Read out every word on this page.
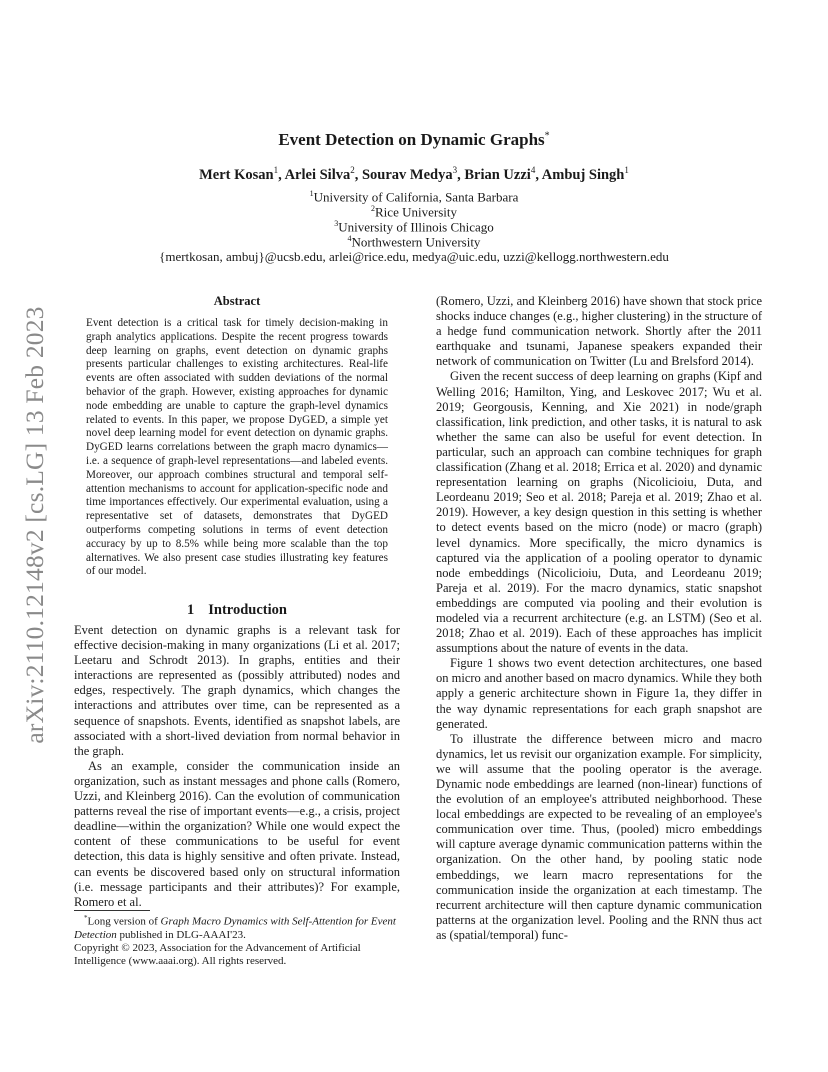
arXiv:2110.12148v2 [cs.LG] 13 Feb 2023
Event Detection on Dynamic Graphs*
Mert Kosan$^1$, Arlei Silva$^2$, Sourav Medya$^3$, Brian Uzzi$^4$, Ambuj Singh$^1$
$^1$University of California, Santa Barbara
$^2$Rice University
$^3$University of Illinois Chicago
$^4$Northwestern University
{mertkosan, ambuj}@ucsb.edu, arlei@rice.edu, medya@uic.edu, uzzi@kellogg.northwestern.edu
Abstract
Event detection is a critical task for timely decision-making in graph analytics applications. Despite the recent progress towards deep learning on graphs, event detection on dynamic graphs presents particular challenges to existing architectures. Real-life events are often associated with sudden deviations of the normal behavior of the graph. However, existing approaches for dynamic node embedding are unable to capture the graph-level dynamics related to events. In this paper, we propose DyGED, a simple yet novel deep learning model for event detection on dynamic graphs. DyGED learns correlations between the graph macro dynamics—i.e. a sequence of graph-level representations—and labeled events. Moreover, our approach combines structural and temporal self-attention mechanisms to account for application-specific node and time importances effectively. Our experimental evaluation, using a representative set of datasets, demonstrates that DyGED outperforms competing solutions in terms of event detection accuracy by up to 8.5% while being more scalable than the top alternatives. We also present case studies illustrating key features of our model.
1 Introduction

Event detection on dynamic graphs is a relevant task for effective decision-making in many organizations (Li et al. 2017; Leetaru and Schrodt 2013). In graphs, entities and their interactions are represented as (possibly attributed) nodes and edges, respectively. The graph dynamics, which changes the interactions and attributes over time, can be represented as a sequence of snapshots. Events, identified as snapshot labels, are associated with a short-lived deviation from normal behavior in the graph.

As an example, consider the communication inside an organization, such as instant messages and phone calls (Romero, Uzzi, and Kleinberg 2016). Can the evolution of communication patterns reveal the rise of important events—e.g., a crisis, project deadline—within the organization? While one would expect the content of these communications to be useful for event detection, this data is highly sensitive and often private. Instead, can events be discovered based only on structural information (i.e. message participants and their attributes)? For example, Romero et al.

*Long version of Graph Macro Dynamics with Self-Attention for Event Detection published in DLG-AAAI'23.

Copyright © 2023, Association for the Advancement of Artificial Intelligence (www.aaai.org). All rights reserved.

(Romero, Uzzi, and Kleinberg 2016) have shown that stock price shocks induce changes (e.g., higher clustering) in the structure of a hedge fund communication network. Shortly after the 2011 earthquake and tsunami, Japanese speakers expanded their network of communication on Twitter (Lu and Brelsford 2014).

Given the recent success of deep learning on graphs (Kipf and Welling 2016; Hamilton, Ying, and Leskovec 2017; Wu et al. 2019; Georgousis, Kenning, and Xie 2021) in node/graph classification, link prediction, and other tasks, it is natural to ask whether the same can also be useful for event detection. In particular, such an approach can combine techniques for graph classification (Zhang et al. 2018; Errica et al. 2020) and dynamic representation learning on graphs (Nicolicioiu, Duta, and Leordeanu 2019; Seo et al. 2018; Pareja et al. 2019; Zhao et al. 2019). However, a key design question in this setting is whether to detect events based on the micro (node) or macro (graph) level dynamics. More specifically, the micro dynamics is captured via the application of a pooling operator to dynamic node embeddings (Nicolicioiu, Duta, and Leordeanu 2019; Pareja et al. 2019). For the macro dynamics, static snapshot embeddings are computed via pooling and their evolution is modeled via a recurrent architecture (e.g. an LSTM) (Seo et al. 2018; Zhao et al. 2019). Each of these approaches has implicit assumptions about the nature of events in the data.

Figure 1 shows two event detection architectures, one based on micro and another based on macro dynamics. While they both apply a generic architecture shown in Figure 1a, they differ in the way dynamic representations for each graph snapshot are generated.

To illustrate the difference between micro and macro dynamics, let us revisit our organization example. For simplicity, we will assume that the pooling operator is the average. Dynamic node embeddings are learned (non-linear) functions of the evolution of an employee's attributed neighborhood. These local embeddings are expected to be revealing of an employee's communication over time. Thus, (pooled) micro embeddings will capture average dynamic communication patterns within the organization. On the other hand, by pooling static node embeddings, we learn macro representations for the communication inside the organization at each timestamp. The recurrent architecture will then capture dynamic communication patterns at the organization level. Pooling and the RNN thus act as (spatial/temporal) func-
